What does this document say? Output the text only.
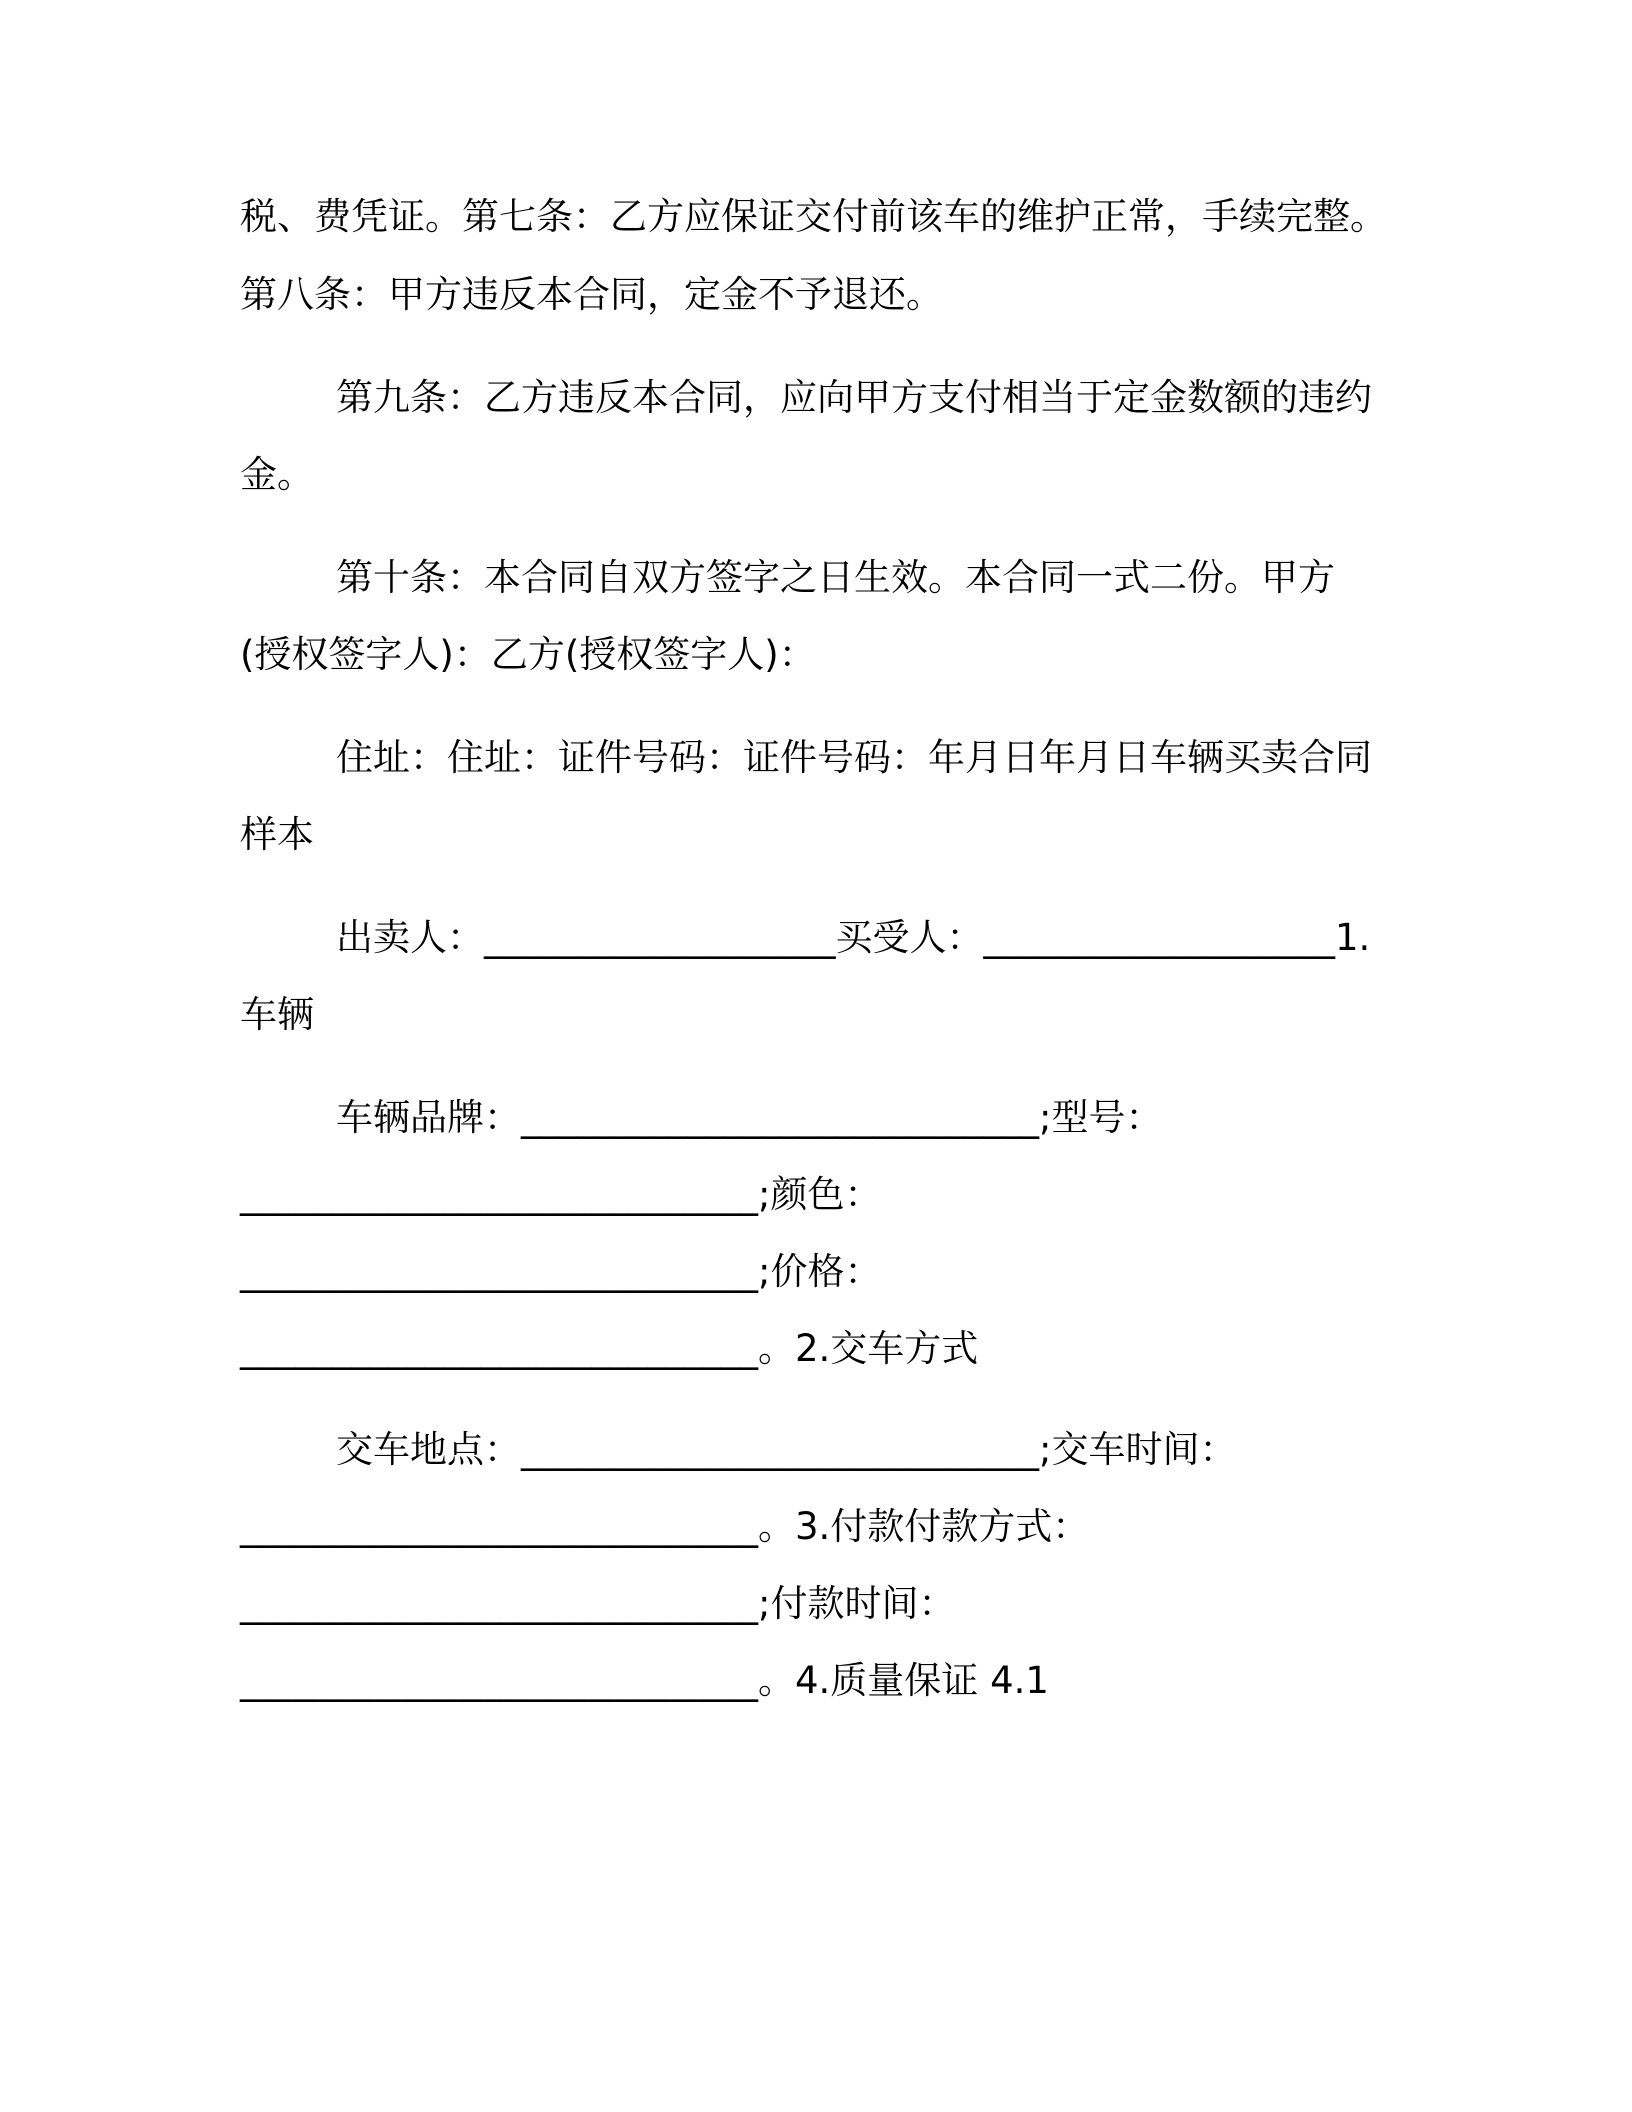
税、费凭证。第七条：乙方应保证交付前该车的维护正常，手续完整。
第八条：甲方违反本合同，定金不予退还。
第九条：乙方违反本合同，应向甲方支付相当于定金数额的违约
金。
第十条：本合同自双方签字之日生效。本合同一式二份。甲方
(授权签字人)：乙方(授权签字人)：
住址：住址：证件号码：证件号码：年月日年月日车辆买卖合同
样本
出卖人：___________________买受人：___________________1.
车辆
车辆品牌：____________________________;型号：
____________________________;颜色：
____________________________;价格：
____________________________。2.交车方式
交车地点：____________________________;交车时间：
____________________________。3.付款付款方式：
____________________________;付款时间：
____________________________。4.质量保证 4.1
